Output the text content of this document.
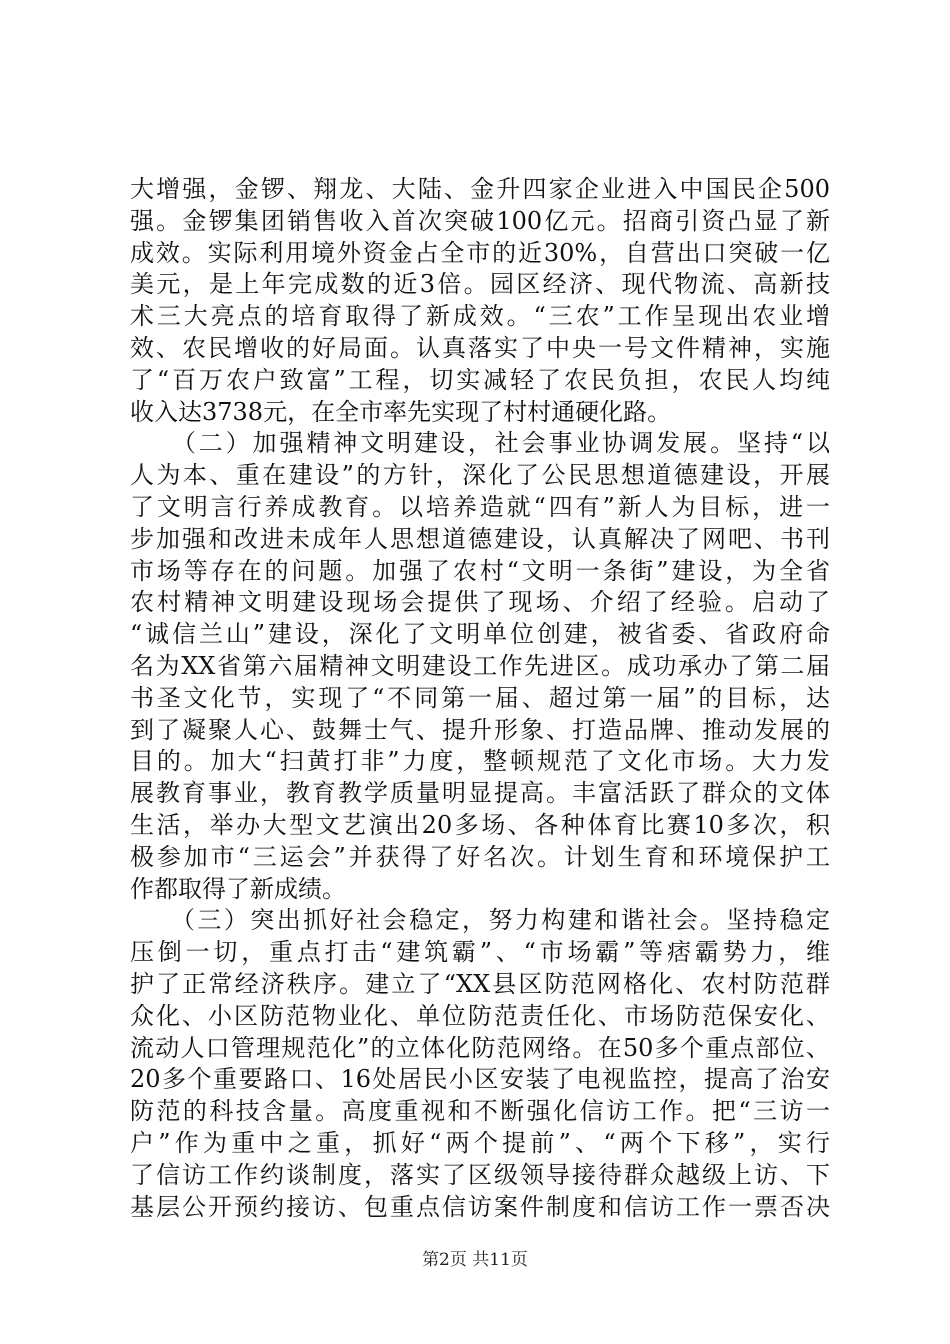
大增强，金锣、翔龙、大陆、金升四家企业进入中国民企500
强。金锣集团销售收入首次突破100亿元。招商引资凸显了新
成效。实际利用境外资金占全市的近30%，自营出口突破一亿
美元，是上年完成数的近3倍。园区经济、现代物流、高新技
术三大亮点的培育取得了新成效。“三农”工作呈现出农业增
效、农民增收的好局面。认真落实了中央一号文件精神，实施
了“百万农户致富”工程，切实减轻了农民负担，农民人均纯
收入达3738元，在全市率先实现了村村通硬化路。
　　（二）加强精神文明建设，社会事业协调发展。坚持“以
人为本、重在建设”的方针，深化了公民思想道德建设，开展
了文明言行养成教育。以培养造就“四有”新人为目标，进一
步加强和改进未成年人思想道德建设，认真解决了网吧、书刊
市场等存在的问题。加强了农村“文明一条街”建设，为全省
农村精神文明建设现场会提供了现场、介绍了经验。启动了
“诚信兰山”建设，深化了文明单位创建，被省委、省政府命
名为XX省第六届精神文明建设工作先进区。成功承办了第二届
书圣文化节，实现了“不同第一届、超过第一届”的目标，达
到了凝聚人心、鼓舞士气、提升形象、打造品牌、推动发展的
目的。加大“扫黄打非”力度，整顿规范了文化市场。大力发
展教育事业，教育教学质量明显提高。丰富活跃了群众的文体
生活，举办大型文艺演出20多场、各种体育比赛10多次，积
极参加市“三运会”并获得了好名次。计划生育和环境保护工
作都取得了新成绩。
　　（三）突出抓好社会稳定，努力构建和谐社会。坚持稳定
压倒一切，重点打击“建筑霸”、“市场霸”等痞霸势力，维
护了正常经济秩序。建立了“XX县区防范网格化、农村防范群
众化、小区防范物业化、单位防范责任化、市场防范保安化、
流动人口管理规范化”的立体化防范网络。在50多个重点部位、
20多个重要路口、16处居民小区安装了电视监控，提高了治安
防范的科技含量。高度重视和不断强化信访工作。把“三访一
户”作为重中之重，抓好“两个提前”、“两个下移”，实行
了信访工作约谈制度，落实了区级领导接待群众越级上访、下
基层公开预约接访、包重点信访案件制度和信访工作一票否决
第2页 共11页
